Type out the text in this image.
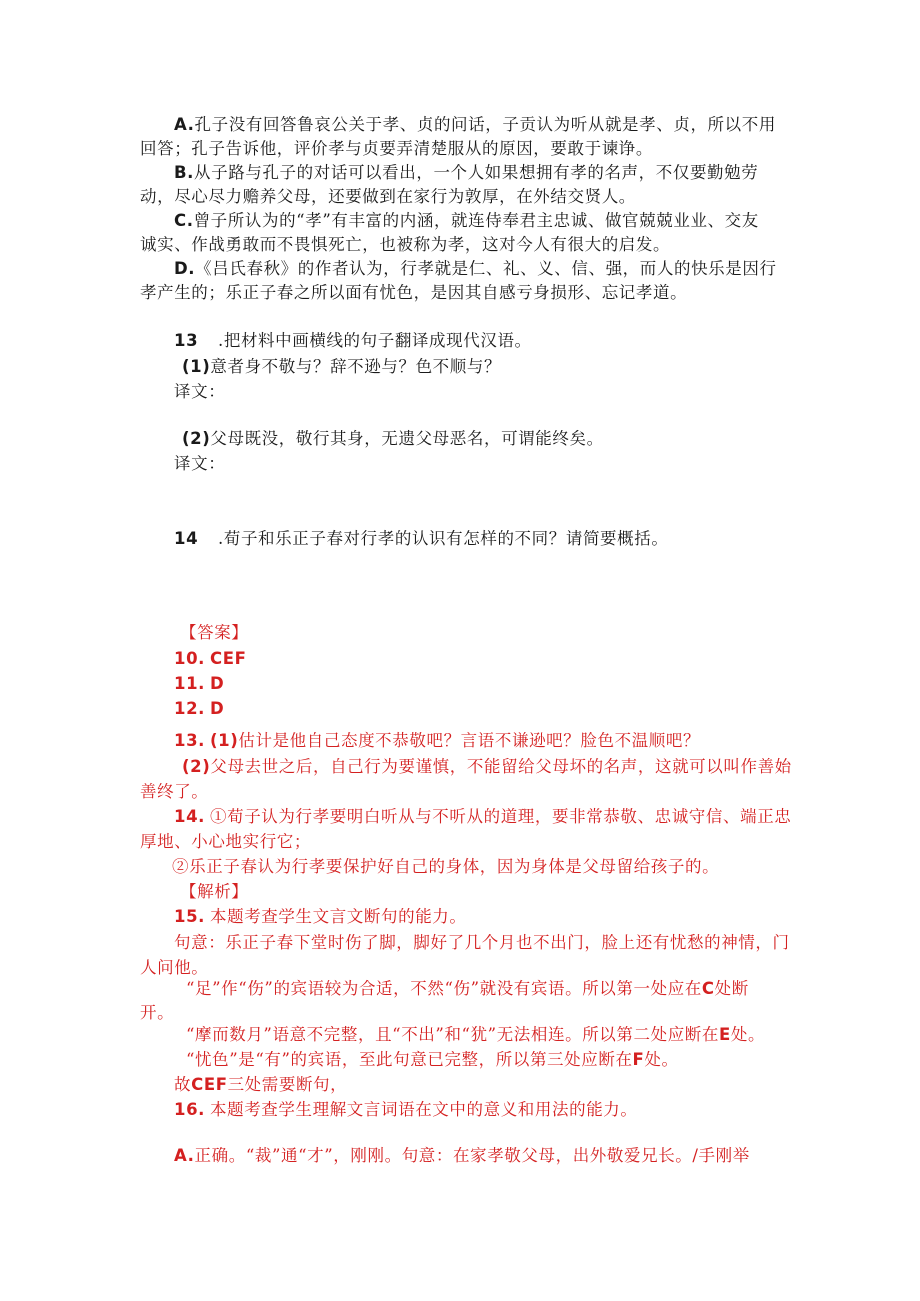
A.孔子没有回答鲁哀公关于孝、贞的问话，子贡认为听从就是孝、贞，所以不用
回答；孔子告诉他，评价孝与贞要弄清楚服从的原因，要敢于谏诤。
B.从子路与孔子的对话可以看出，一个人如果想拥有孝的名声，不仅要勤勉劳
动，尽心尽力赡养父母，还要做到在家行为敦厚，在外结交贤人。
C.曾子所认为的“孝”有丰富的内涵，就连侍奉君主忠诚、做官兢兢业业、交友
诚实、作战勇敢而不畏惧死亡，也被称为孝，这对今人有很大的启发。
D.《吕氏春秋》的作者认为，行孝就是仁、礼、义、信、强，而人的快乐是因行
孝产生的；乐正子春之所以面有忧色，是因其自感亏身损形、忘记孝道。
13 .把材料中画横线的句子翻译成现代汉语。
(1)意者身不敬与？辞不逊与？色不顺与？
译文：
(2)父母既没，敬行其身，无遗父母恶名，可谓能终矣。
译文：
14 .荀子和乐正子春对行孝的认识有怎样的不同？请简要概括。
【答案】
10. CEF
11. D
12. D
13. (1)估计是他自己态度不恭敬吧？言语不谦逊吧？脸色不温顺吧？
(2)父母去世之后，自己行为要谨慎，不能留给父母坏的名声，这就可以叫作善始
善终了。
14. ①荀子认为行孝要明白听从与不听从的道理，要非常恭敬、忠诚守信、端正忠
厚地、小心地实行它；
②乐正子春认为行孝要保护好自己的身体，因为身体是父母留给孩子的。
【解析】
15. 本题考查学生文言文断句的能力。
句意：乐正子春下堂时伤了脚，脚好了几个月也不出门，脸上还有忧愁的神情，门
人问他。
“足”作“伤”的宾语较为合适，不然“伤”就没有宾语。所以第一处应在C处断
开。
“摩而数月”语意不完整，且“不出”和“犹”无法相连。所以第二处应断在E处。
“忧色”是“有”的宾语，至此句意已完整，所以第三处应断在F处。
故CEF三处需要断句，
16. 本题考查学生理解文言词语在文中的意义和用法的能力。
A.正确。“裁”通“才”，刚刚。句意：在家孝敬父母，出外敬爱兄长。/手刚举
